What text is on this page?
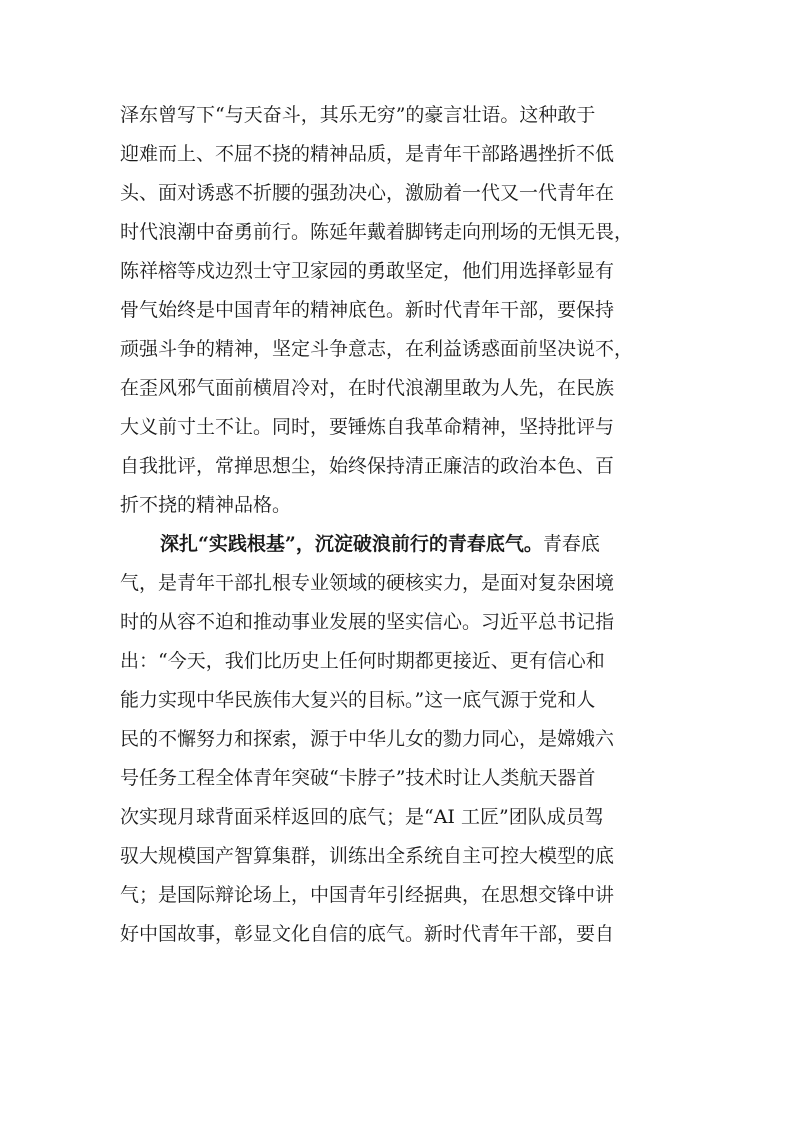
泽东曾写下“与天奋斗，其乐无穷”的豪言壮语。这种敢于
迎难而上、不屈不挠的精神品质，是青年干部路遇挫折不低
头、面对诱惑不折腰的强劲决心，激励着一代又一代青年在
时代浪潮中奋勇前行。陈延年戴着脚铐走向刑场的无惧无畏，
陈祥榕等戍边烈士守卫家园的勇敢坚定，他们用选择彰显有
骨气始终是中国青年的精神底色。新时代青年干部，要保持
顽强斗争的精神，坚定斗争意志，在利益诱惑面前坚决说不，
在歪风邪气面前横眉冷对，在时代浪潮里敢为人先，在民族
大义前寸土不让。同时，要锤炼自我革命精神，坚持批评与
自我批评，常掸思想尘，始终保持清正廉洁的政治本色、百
折不挠的精神品格。
深扎“实践根基”，沉淀破浪前行的青春底气。青春底
气，是青年干部扎根专业领域的硬核实力，是面对复杂困境
时的从容不迫和推动事业发展的坚实信心。习近平总书记指
出：“今天，我们比历史上任何时期都更接近、更有信心和
能力实现中华民族伟大复兴的目标。”这一底气源于党和人
民的不懈努力和探索，源于中华儿女的勠力同心，是嫦娥六
号任务工程全体青年突破“卡脖子”技术时让人类航天器首
次实现月球背面采样返回的底气；是“AI 工匠”团队成员驾
驭大规模国产智算集群，训练出全系统自主可控大模型的底
气；是国际辩论场上，中国青年引经据典，在思想交锋中讲
好中国故事，彰显文化自信的底气。新时代青年干部，要自
